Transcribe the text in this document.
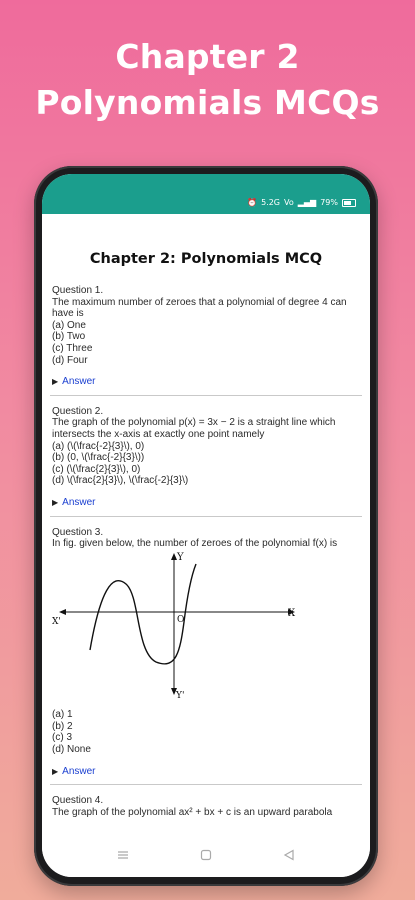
Chapter 2
Polynomials MCQs
⏰ 5.2G Vo ▂▄▆ 79%
Chapter 2: Polynomials MCQ

Question 1.

The maximum number of zeroes that a polynomial of degree 4 can have is

(a) One

(b) Two

(c) Three

(d) Four

▶ Answer

Question 2.

The graph of the polynomial p(x) = 3x − 2 is a straight line which intersects the x-axis at exactly one point namely

(a) (\(\frac{-2}{3}\), 0)

(b) (0, \(\frac{-2}{3}\))

(c) (\(\frac{2}{3}\), 0)

(d) \(\frac{2}{3}\), \(\frac{-2}{3}\)

▶ Answer

Question 3.

In fig. given below, the number of zeroes of the polynomial f(x) is

Y
X
X'
Y'
O

(a) 1

(b) 2

(c) 3

(d) None

▶ Answer

Question 4.

The graph of the polynomial ax² + bx + c is an upward parabola
